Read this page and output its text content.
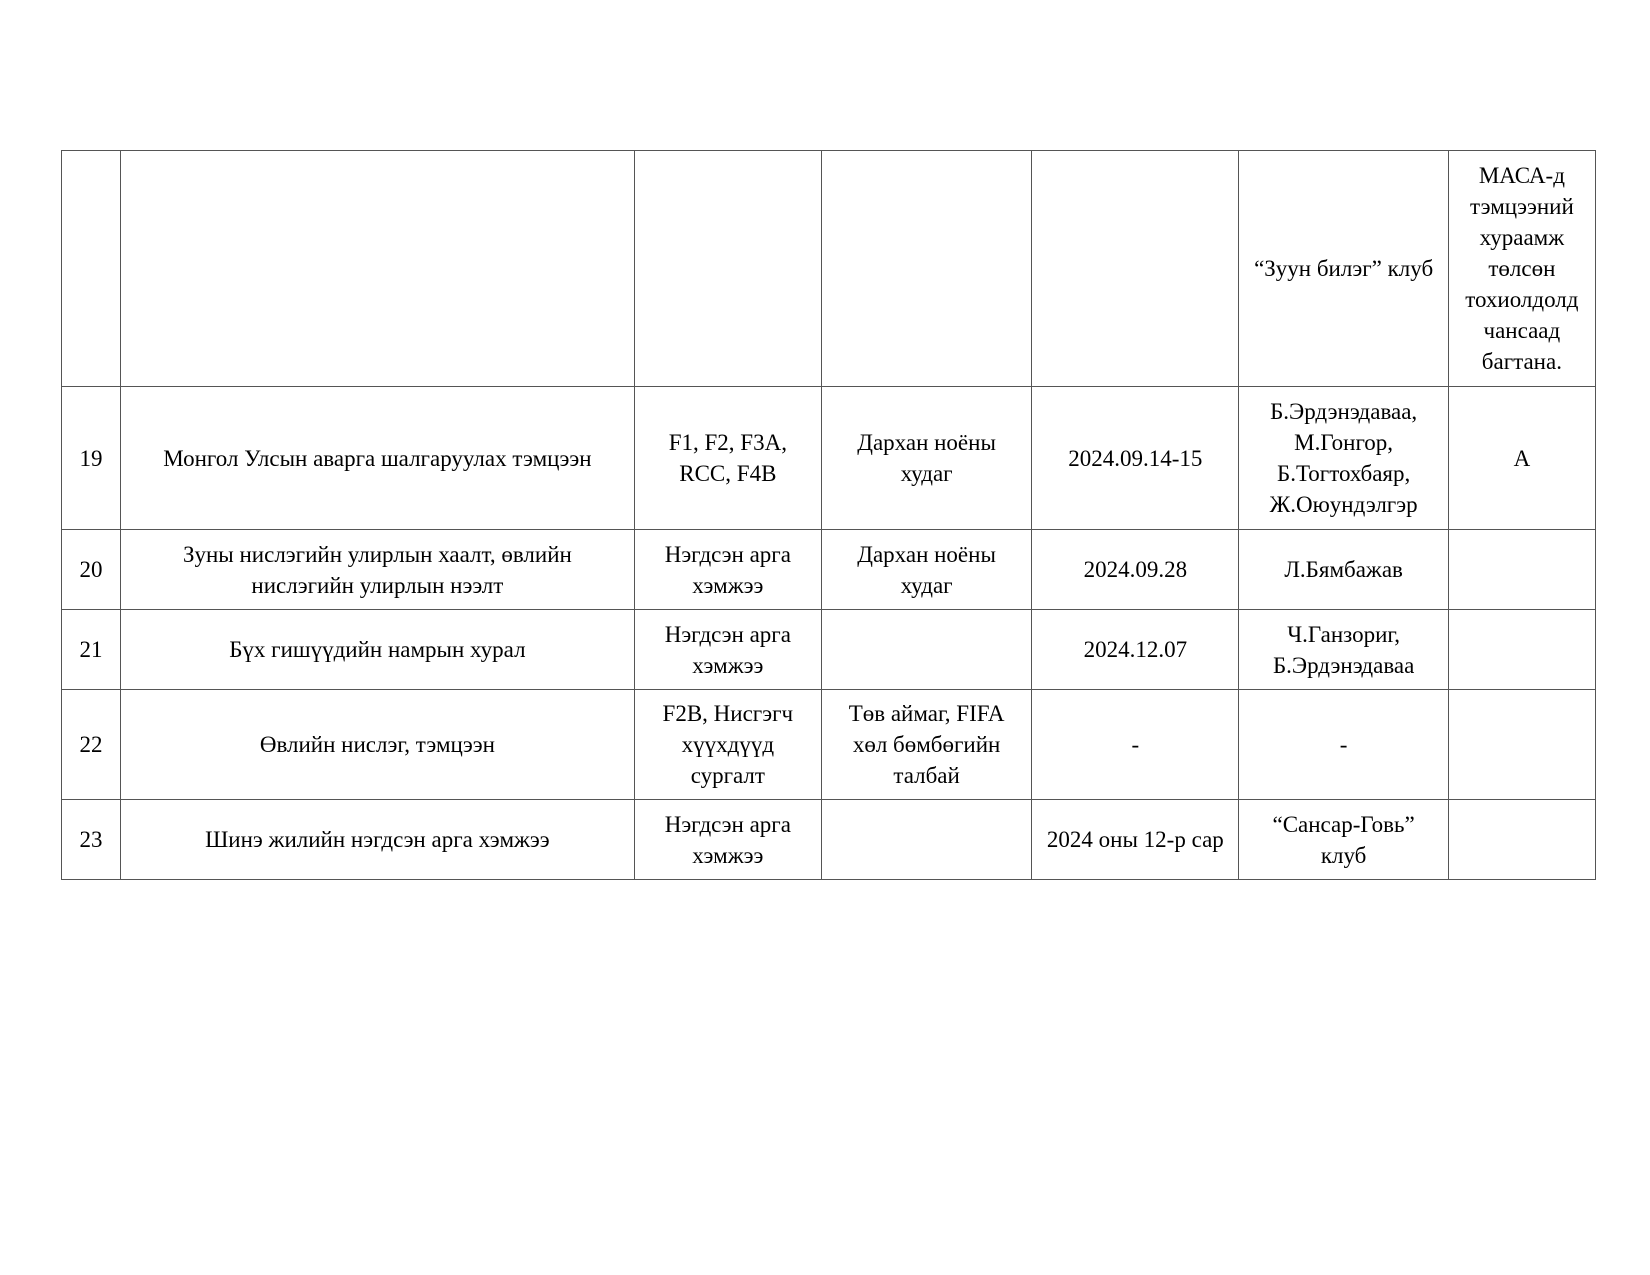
					“Зуун билэг” клуб	МАСА-д тэмцээний хураамж төлсөн тохиолдолд чансаад багтана.
19	Монгол Улсын аварга шалгаруулах тэмцээн	F1, F2, F3A, RCC, F4B	Дархан ноёны худаг	2024.09.14-15	Б.Эрдэнэдаваа, М.Гонгор, Б.Тогтохбаяр, Ж.Оюундэлгэр	А
20	Зуны нислэгийн улирлын хаалт, өвлийн нислэгийн улирлын нээлт	Нэгдсэн арга хэмжээ	Дархан ноёны худаг	2024.09.28	Л.Бямбажав	
21	Бүх гишүүдийн намрын хурал	Нэгдсэн арга хэмжээ		2024.12.07	Ч.Ганзориг, Б.Эрдэнэдаваа	
22	Өвлийн нислэг, тэмцээн	F2B, Нисгэгч хүүхдүүд сургалт	Төв аймаг, FIFA хөл бөмбөгийн талбай	-	-	
23	Шинэ жилийн нэгдсэн арга хэмжээ	Нэгдсэн арга хэмжээ		2024 оны 12-р сар	“Сансар-Говь” клуб	
